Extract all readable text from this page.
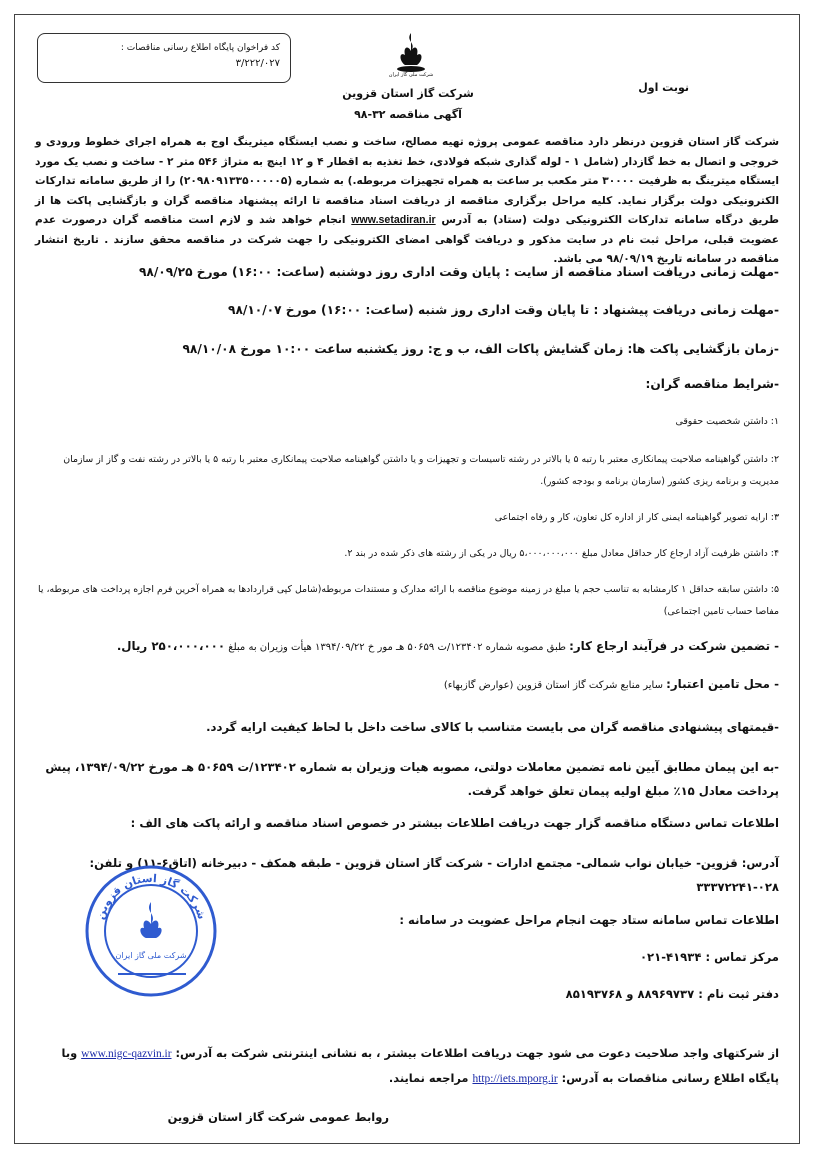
کد فراخوان پایگاه اطلاع رسانی مناقصات :
۳/۲۲۲/۰۲۷
شرکت ملی گاز ایران
نوبت اول
شرکت گاز استان قزوین
آگهی مناقصه ۳۲-۹۸
شرکت گاز استان قزوین درنظر دارد مناقصه عمومی پروژه تهیه مصالح، ساخت و نصب ایستگاه میترینگ اوج به همراه اجرای خطوط ورودی و خروجی و اتصال به خط گازدار (شامل ۱ - لوله گذاری شبکه فولادی، خط تغذیه به اقطار ۴ و ۱۲ اینچ به متراژ ۵۴۶ متر ۲ - ساخت و نصب یک مورد ایستگاه میترینگ به ظرفیت ۳۰۰۰۰ متر مکعب بر ساعت به همراه تجهیزات مربوطه.) به شماره (۲۰۹۸۰۹۱۳۳۵۰۰۰۰۰۵) را از طریق سامانه تدارکات الکترونیکی دولت برگزار نماید. کلیه مراحل برگزاری مناقصه از دریافت اسناد مناقصه تا ارائه پیشنهاد مناقصه گران و بازگشایی پاکت ها از طریق درگاه سامانه تدارکات الکترونیکی دولت (ستاد) به آدرس www.setadiran.ir انجام خواهد شد و لازم است مناقصه گران درصورت عدم عضویت قبلی، مراحل ثبت نام در سایت مذکور و دریافت گواهی امضای الکترونیکی را جهت شرکت در مناقصه محقق سازند . تاریخ انتشار مناقصه در سامانه تاریخ ۹۸/۰۹/۱۹ می باشد.
-مهلت زمانی دریافت اسناد مناقصه از سایت : پایان وقت اداری روز دوشنبه (ساعت: ۱۶:۰۰) مورخ ۹۸/۰۹/۲۵
-مهلت زمانی دریافت پیشنهاد : تا پایان وقت اداری روز شنبه (ساعت: ۱۶:۰۰) مورخ ۹۸/۱۰/۰۷
-زمان بازگشایی پاکت ها: زمان گشایش پاکات الف، ب و ج: روز یکشنبه ساعت ۱۰:۰۰ مورخ ۹۸/۱۰/۰۸
-شرایط مناقصه گران:
۱: داشتن شخصیت حقوقی
۲: داشتن گواهینامه صلاحیت پیمانکاری معتبر با رتبه ۵ یا بالاتر در رشته تاسیسات و تجهیزات و یا داشتن گواهینامه صلاحیت پیمانکاری معتبر با رتبه ۵ یا بالاتر در رشته نفت و گاز از سازمان مدیریت و برنامه ریزی کشور (سازمان برنامه و بودجه کشور).
۳: ارایه تصویر گواهینامه ایمنی کار از اداره کل تعاون، کار و رفاه اجتماعی
۴: داشتن ظرفیت آزاد ارجاع کار حداقل معادل مبلغ ۵،۰۰۰،۰۰۰،۰۰۰ ریال در یکی از رشته های ذکر شده در بند ۲.
۵: داشتن سابقه حداقل ۱ کارمشابه به تناسب حجم یا مبلغ در زمینه موضوع مناقصه با ارائه مدارک و مستندات مربوطه(شامل کپی قراردادها به همراه آخرین فرم اجازه پرداخت های مربوطه، یا مفاصا حساب تامین اجتماعی)
- تضمین شرکت در فرآیند ارجاع کار: طبق مصوبه شماره ۱۲۳۴۰۲/ت ۵۰۶۵۹ هـ مور خ ۱۳۹۴/۰۹/۲۲ هیأت وزیران به مبلغ ۲۵۰،۰۰۰،۰۰۰ ریال.
- محل تامین اعتبار: سایر منابع شرکت گاز استان قزوین (عوارض گازبهاء)
-قیمتهای پیشنهادی مناقصه گران می بایست متناسب با کالای ساخت داخل با لحاظ کیفیت ارایه گردد.
-به این پیمان مطابق آیین نامه تضمین معاملات دولتی، مصوبه هیات وزیران به شماره ۱۲۳۴۰۲/ت ۵۰۶۵۹ هـ مورخ ۱۳۹۴/۰۹/۲۲، پیش پرداخت معادل ۱۵٪ مبلغ اولیه پیمان تعلق خواهد گرفت.
اطلاعات تماس دستگاه مناقصه گزار جهت دریافت اطلاعات بیشتر در خصوص اسناد مناقصه و ارائه پاکت های الف :
آدرس: قزوین- خیابان نواب شمالی- مجتمع ادارات - شرکت گاز استان قزوین - طبقه همکف - دبیرخانه (اتاق۶-۱۱) و تلفن: ۰۲۸-۳۳۳۷۲۲۴۱
اطلاعات تماس سامانه ستاد جهت انجام مراحل عضویت در سامانه :
مرکز تماس : ۴۱۹۳۴-۰۲۱
دفتر ثبت نام : ۸۸۹۶۹۷۳۷ و ۸۵۱۹۳۷۶۸
از شرکتهای واجد صلاحیت دعوت می شود جهت دریافت اطلاعات بیشتر ، به نشانی اینترنتی شرکت به آدرس: www.nigc-qazvin.ir وبا پایگاه اطلاع رسانی مناقصات به آدرس: http://iets.mporg.ir مراجعه نمایند.
روابط عمومی شرکت گاز استان قزوین
شرکت ملی گاز ایران
شرکت گاز استان قزوین
